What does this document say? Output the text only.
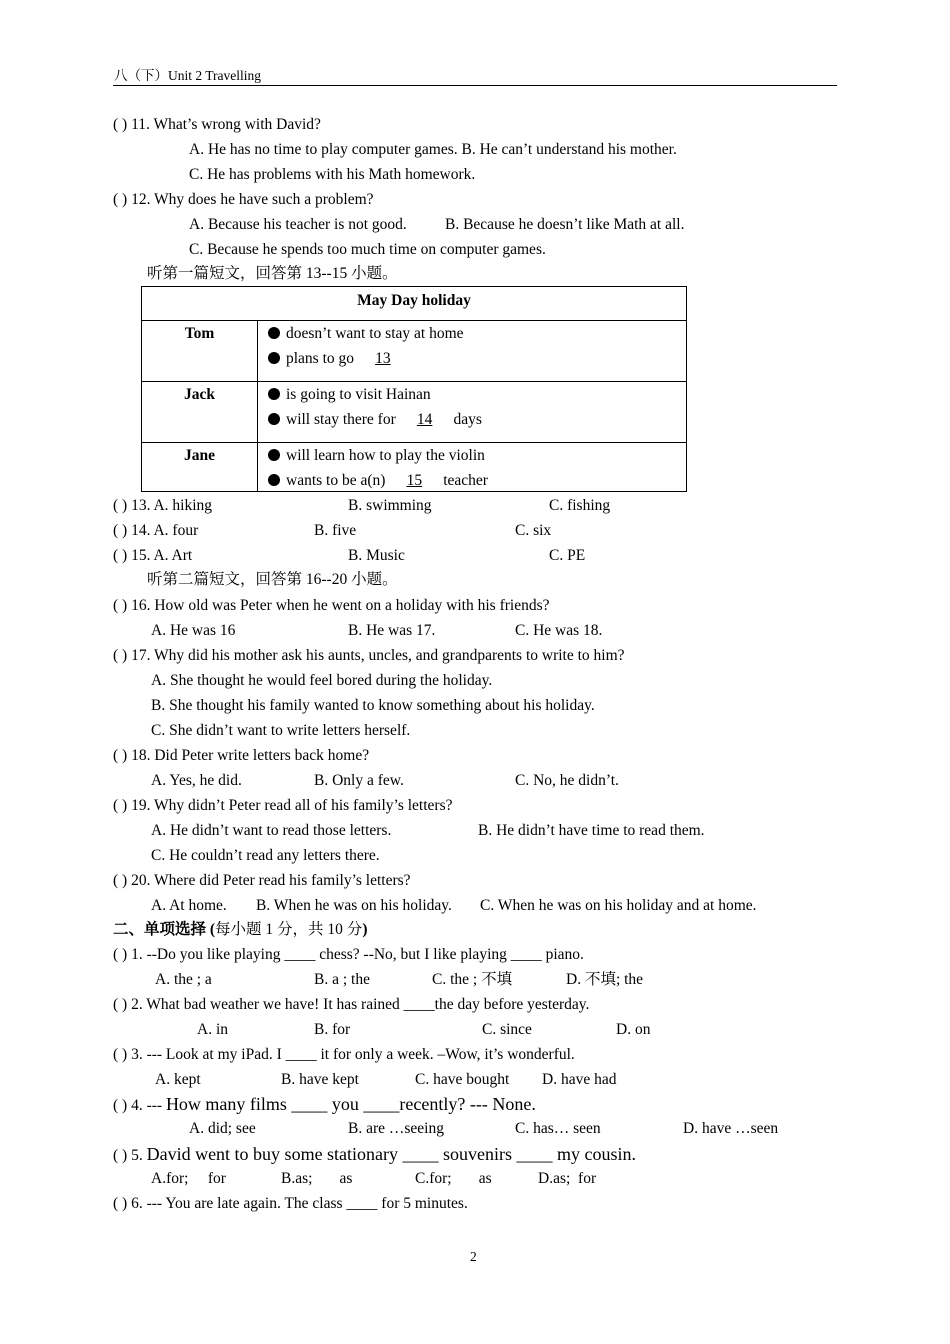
八（下）Unit 2 Travelling
( ) 11. What’s wrong with David?
A. He has no time to play computer games. B. He can’t understand his mother.
C. He has problems with his Math homework.
( ) 12. Why does he have such a problem?
A. Because his teacher is not good. B. Because he doesn’t like Math at all.
C. Because he spends too much time on computer games.
听第一篇短文，回答第 13--15 小题。
May Day holiday
Tom	doesn’t want to stay at home
plans to go 13
Jack	is going to visit Hainan
will stay there for 14 days
Jane	will learn how to play the violin
wants to be a(n) 15 teacher
( ) 13. A. hiking	B. swimming	C. fishing
( ) 14. A. four	B. five	C. six
( ) 15. A. Art	B. Music	C. PE
听第二篇短文，回答第 16--20 小题。
( ) 16. How old was Peter when he went on a holiday with his friends?
A. He was 16	B. He was 17.	C. He was 18.
( ) 17. Why did his mother ask his aunts, uncles, and grandparents to write to him?
A. She thought he would feel bored during the holiday.
B. She thought his family wanted to know something about his holiday.
C. She didn’t want to write letters herself.
( ) 18. Did Peter write letters back home?
A. Yes, he did.	B. Only a few.	C. No, he didn’t.
( ) 19. Why didn’t Peter read all of his family’s letters?
A. He didn’t want to read those letters.	B. He didn’t have time to read them.
C. He couldn’t read any letters there.
( ) 20. Where did Peter read his family’s letters?
A. At home. B. When he was on his holiday. C. When he was on his holiday and at home.
二、单项选择 (每小题 1 分，共 10 分)
( ) 1. --Do you like playing ____ chess? --No, but I like playing ____ piano.
A. the ; a	B. a ; the	C. the ; 不填	D. 不填; the
( ) 2. What bad weather we have! It has rained ____the day before yesterday.
A. in	B. for	C. since	D. on
( ) 3. --- Look at my iPad. I ____ it for only a week. –Wow, it’s wonderful.
A. kept	B. have kept	C. have bought D. have had
( ) 4. --- How many films ____ you ____recently? --- None.
A. did; see	B. are …seeing	C. has… seen	D. have …seen
( ) 5. David went to buy some stationary ____ souvenirs ____ my cousin.
A.for;     for	B.as;       as	C.for;       as	D.as;  for
( ) 6. --- You are late again. The class ____ for 5 minutes.
2
